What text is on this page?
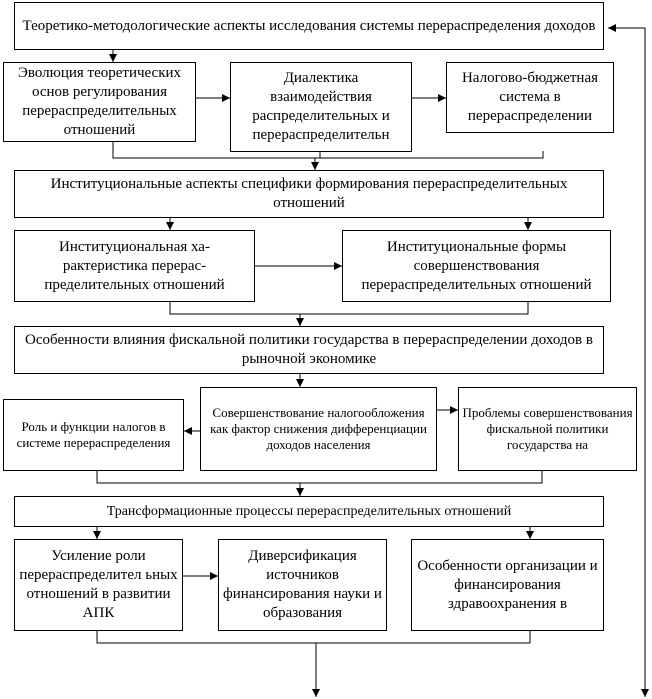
Теоретико-методологические аспекты исследования системы перераспределения доходов
Эволюция теоретических основ регулирования перераспределительных отношений
Диалектика взаимодействия распределительных и перераспределительн
Налогово-бюджетная система в перераспределении
Институциональные аспекты специфики формирования перераспределительных отношений
Институциональная ха-рактеристика перерас-пределительных отношений
Институциональные формы совершенствования перераспределительных отношений
Особенности влияния фискальной политики государства в перераспределении доходов в рыночной экономике
Роль и функции налогов в системе перераспределения
Совершенствование налогообложения как фактор снижения дифференциации доходов населения
Проблемы совершенствования фискальной политики государства на
Трансформационные процессы перераспределительных отношений
Усиление роли перераспределител ьных отношений в развитии АПК
Диверсификация источников финансирования науки и образования
Особенности организации и финансирования здравоохранения в
